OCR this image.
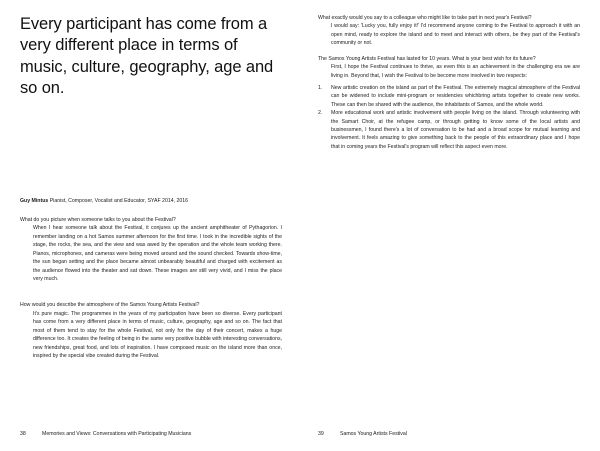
Every participant has come from a very different place in terms of music, culture, geography, age and so on.
Guy Mintus Pianist, Composer, Vocalist and Educator, SYAF 2014, 2016

What do you picture when someone talks to you about the Festival?

When I hear someone talk about the Festival, it conjures up the ancient amphitheater of Pythagorion. I remember landing on a hot Samos summer afternoon for the first time. I took in the incredible sights of the stage, the rocks, the sea, and the view and was awed by the operation and the whole team working there. Pianos, microphones, and cameras were being moved around and the sound checked. Towards show-time, the sun began setting and the place became almost unbearably beautiful and charged with excitement as the audience flowed into the theater and sat down. These images are still very vivid, and I miss the place very much.

How would you describe the atmosphere of the Samos Young Artists Festival?

It's pure magic. The programmes in the years of my participation have been so diverse. Every participant has come from a very different place in terms of music, culture, geography, age and so on. The fact that most of them tend to stay for the whole Festival, not only for the day of their concert, makes a huge difference too. It creates the feeling of being in the same very positive bubble with interesting conversations, new friendships, great food, and lots of inspiration. I have composed music on the island more than once, inspired by the special vibe created during the Festival.

38	Memories and Views: Conversations with Participating Musicians

What exactly would you say to a colleague who might like to take part in next year's Festival?

I would say: 'Lucky you, fully enjoy it!' I'd recommend anyone coming to the Festival to approach it with an open mind, ready to explore the island and to meet and interact with others, be they part of the Festival's community or not.

The Samos Young Artists Festival has lasted for 10 years. What is your best wish for its future?

First, I hope the Festival continues to thrive, as even this is an achievement in the challenging era we are living in. Beyond that, I wish the Festival to be become more involved in two respects:

1. New artistic creation on the island as part of the Festival. The extremely magical atmosphere of the Festival can be widened to include mini-program or residencies whichbring artists together to create new works. These can then be shared with the audience, the inhabitants of Samos, and the whole world.

2. More educational work and artistic involvement with people living on the island. Through volunteering with the Samart Choir, at the refugee camp, or through getting to know some of the local artists and businessmen, I found there's a lot of conversation to be had and a broad scope for mutual learning and involvement. It feels amazing to give something back to the people of this extraordinary place and I hope that in coming years the Festival's program will reflect this aspect even more.

39	Samos Young Artists Festival
